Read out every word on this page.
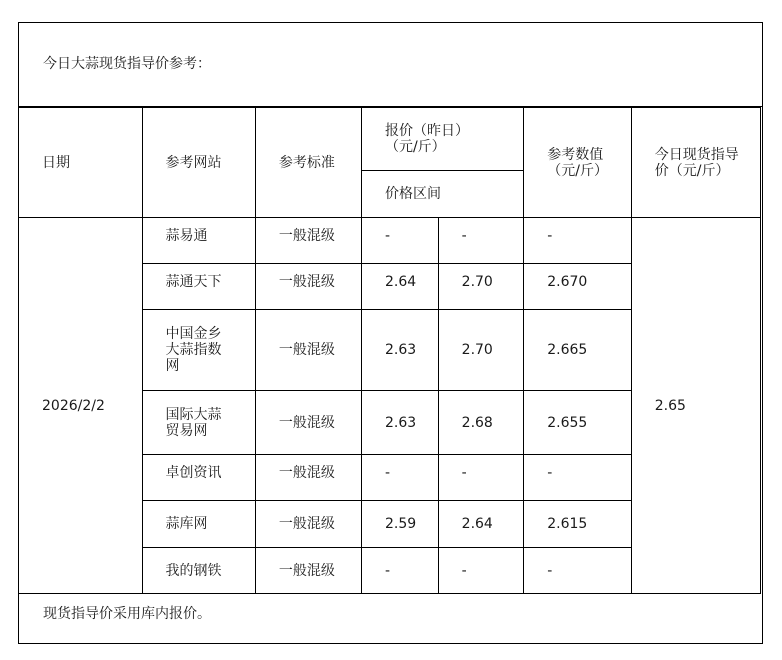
今日大蒜现货指导价参考：
日期	参考网站	参考标准	报价（昨日）（元/斤）		参考数值（元/斤）	今日现货指导价（元/斤）
			价格区间			
2026/2/2	蒜易通	一般混级	-	-	-	2.65
	蒜通天下	一般混级	2.64	2.70	2.670	
	中国金乡大蒜指数网	一般混级	2.63	2.70	2.665	
	国际大蒜贸易网	一般混级	2.63	2.68	2.655	
	卓创资讯	一般混级	-	-	-	
	蒜库网	一般混级	2.59	2.64	2.615	
	我的钢铁	一般混级	-	-	-	
现货指导价采用库内报价。
